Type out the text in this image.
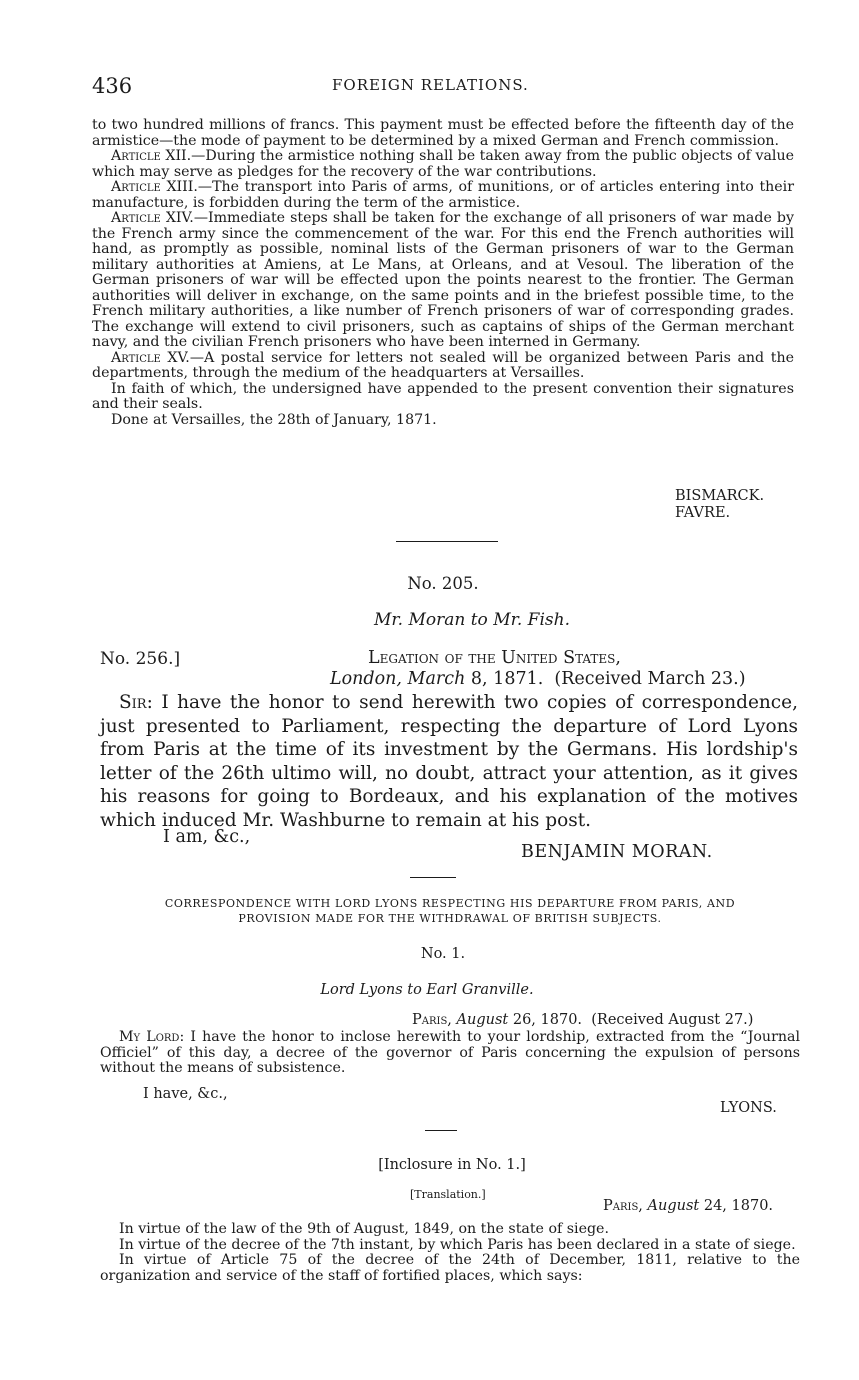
436	FOREIGN RELATIONS.

to two hundred millions of francs. This payment must be effected before the fifteenth day of the armistice—the mode of payment to be determined by a mixed German and French commission.

Article XII.—During the armistice nothing shall be taken away from the public objects of value which may serve as pledges for the recovery of the war contributions.

Article XIII.—The transport into Paris of arms, of munitions, or of articles entering into their manufacture, is forbidden during the term of the armistice.

Article XIV.—Immediate steps shall be taken for the exchange of all prisoners of war made by the French army since the commencement of the war. For this end the French authorities will hand, as promptly as possible, nominal lists of the German prisoners of war to the German military authorities at Amiens, at Le Mans, at Orleans, and at Vesoul. The liberation of the German prisoners of war will be effected upon the points nearest to the frontier. The German authorities will deliver in exchange, on the same points and in the briefest possible time, to the French military authorities, a like number of French prisoners of war of corresponding grades. The exchange will extend to civil prisoners, such as captains of ships of the German merchant navy, and the civilian French prisoners who have been interned in Germany.

Article XV.—A postal service for letters not sealed will be organized between Paris and the departments, through the medium of the headquarters at Versailles.

In faith of which, the undersigned have appended to the present convention their signatures and their seals.

Done at Versailles, the 28th of January, 1871.

BISMARCK.
FAVRE.
No. 205.
Mr. Moran to Mr. Fish.
No. 256.]	Legation of the United States,
London, March 8, 1871. (Received March 23.)

Sir: I have the honor to send herewith two copies of correspondence, just presented to Parliament, respecting the departure of Lord Lyons from Paris at the time of its investment by the Germans. His lordship's letter of the 26th ultimo will, no doubt, attract your attention, as it gives his reasons for going to Bordeaux, and his explanation of the motives which induced Mr. Washburne to remain at his post.

I am, &c.,
BENJAMIN MORAN.

CORRESPONDENCE WITH LORD LYONS RESPECTING HIS DEPARTURE FROM PARIS, AND

PROVISION MADE FOR THE WITHDRAWAL OF BRITISH SUBJECTS.

No. 1.
Lord Lyons to Earl Granville.
Paris, August 26, 1870. (Received August 27.)

My Lord: I have the honor to inclose herewith to your lordship, extracted from the “Journal Officiel” of this day, a decree of the governor of Paris concerning the expulsion of persons without the means of subsistence.

I have, &c.,
LYONS.
[Inclosure in No. 1.]
[Translation.]
Paris, August 24, 1870.

In virtue of the law of the 9th of August, 1849, on the state of siege.

In virtue of the decree of the 7th instant, by which Paris has been declared in a state of siege.

In virtue of Article 75 of the decree of the 24th of December, 1811, relative to the organization and service of the staff of fortified places, which says:
